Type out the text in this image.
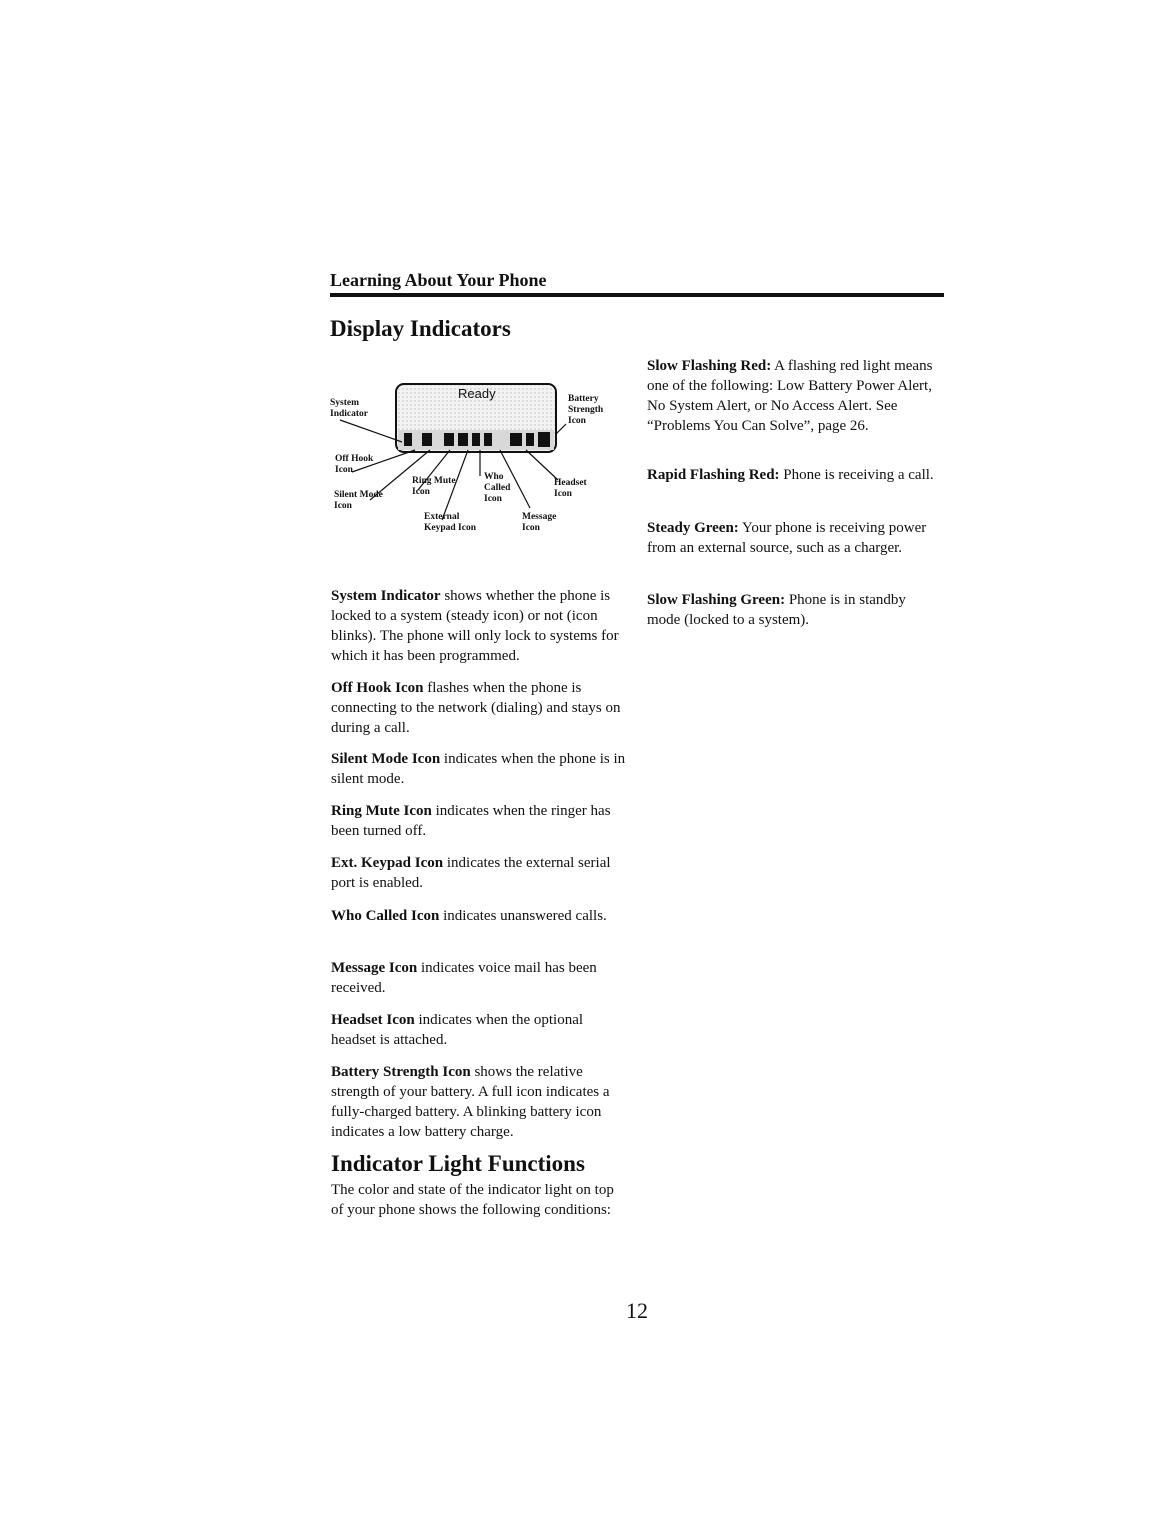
Learning About Your Phone
Display Indicators
Ready
System
Indicator
Off Hook
Icon
Silent Mode
Icon
Ring Mute
Icon
External
Keypad Icon
Who
Called
Icon
Message
Icon
Headset
Icon
Battery
Strength
Icon

System Indicator shows whether the phone is locked to a system (steady icon) or not (icon blinks). The phone will only lock to systems for which it has been programmed.

Off Hook Icon flashes when the phone is connecting to the network (dialing) and stays on during a call.

Silent Mode Icon indicates when the phone is in silent mode.

Ring Mute Icon indicates when the ringer has been turned off.

Ext. Keypad Icon indicates the external serial port is enabled.

Who Called Icon indicates unanswered calls.

Message Icon indicates voice mail has been received.

Headset Icon indicates when the optional headset is attached.

Battery Strength Icon shows the relative strength of your battery. A full icon indicates a fully-charged battery. A blinking battery icon indicates a low battery charge.

Indicator Light Functions

The color and state of the indicator light on top of your phone shows the following conditions:

Slow Flashing Red: A flashing red light means one of the following: Low Battery Power Alert, No System Alert, or No Access Alert. See “Problems You Can Solve”, page 26.

Rapid Flashing Red: Phone is receiving a call.

Steady Green: Your phone is receiving power from an external source, such as a charger.

Slow Flashing Green: Phone is in standby mode (locked to a system).

12
